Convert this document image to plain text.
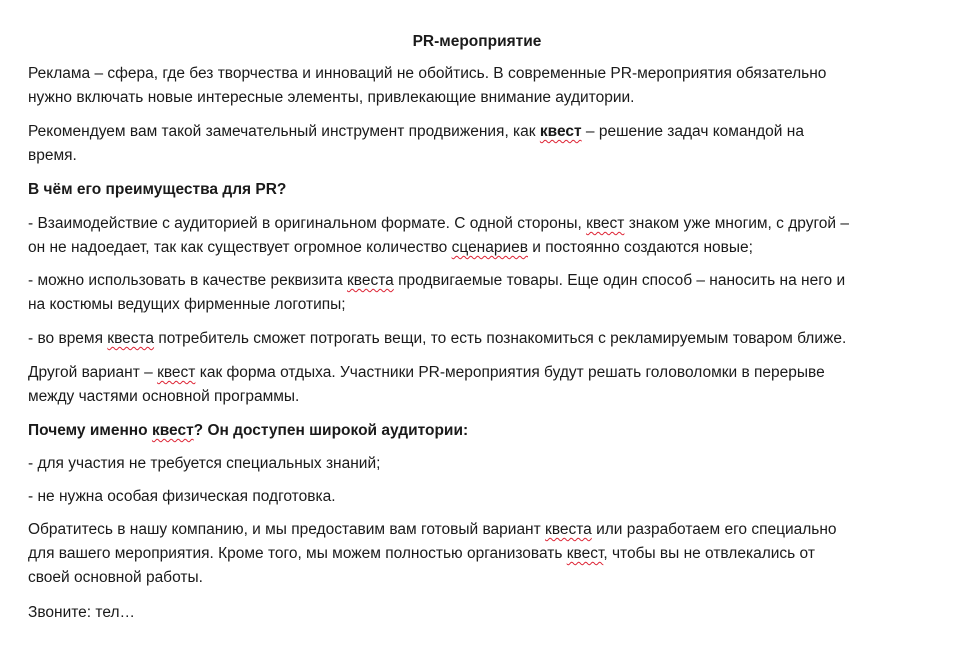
PR-мероприятие

Реклама – сфера, где без творчества и инноваций не обойтись. В современные PR-мероприятия обязательно
нужно включать новые интересные элементы, привлекающие внимание аудитории.

Рекомендуем вам такой замечательный инструмент продвижения, как квест – решение задач командой на
время.

В чём его преимущества для PR?

- Взаимодействие с аудиторией в оригинальном формате. С одной стороны, квест знаком уже многим, с другой –
он не надоедает, так как существует огромное количество сценариев и постоянно создаются новые;

- можно использовать в качестве реквизита квеста продвигаемые товары. Еще один способ – наносить на него и
на костюмы ведущих фирменные логотипы;

- во время квеста потребитель сможет потрогать вещи, то есть познакомиться с рекламируемым товаром ближе.

Другой вариант – квест как форма отдыха. Участники PR-мероприятия будут решать головоломки в перерыве
между частями основной программы.

Почему именно квест? Он доступен широкой аудитории:

- для участия не требуется специальных знаний;

- не нужна особая физическая подготовка.

Обратитесь в нашу компанию, и мы предоставим вам готовый вариант квеста или разработаем его специально
для вашего мероприятия. Кроме того, мы можем полностью организовать квест, чтобы вы не отвлекались от
своей основной работы.

Звоните: тел…
